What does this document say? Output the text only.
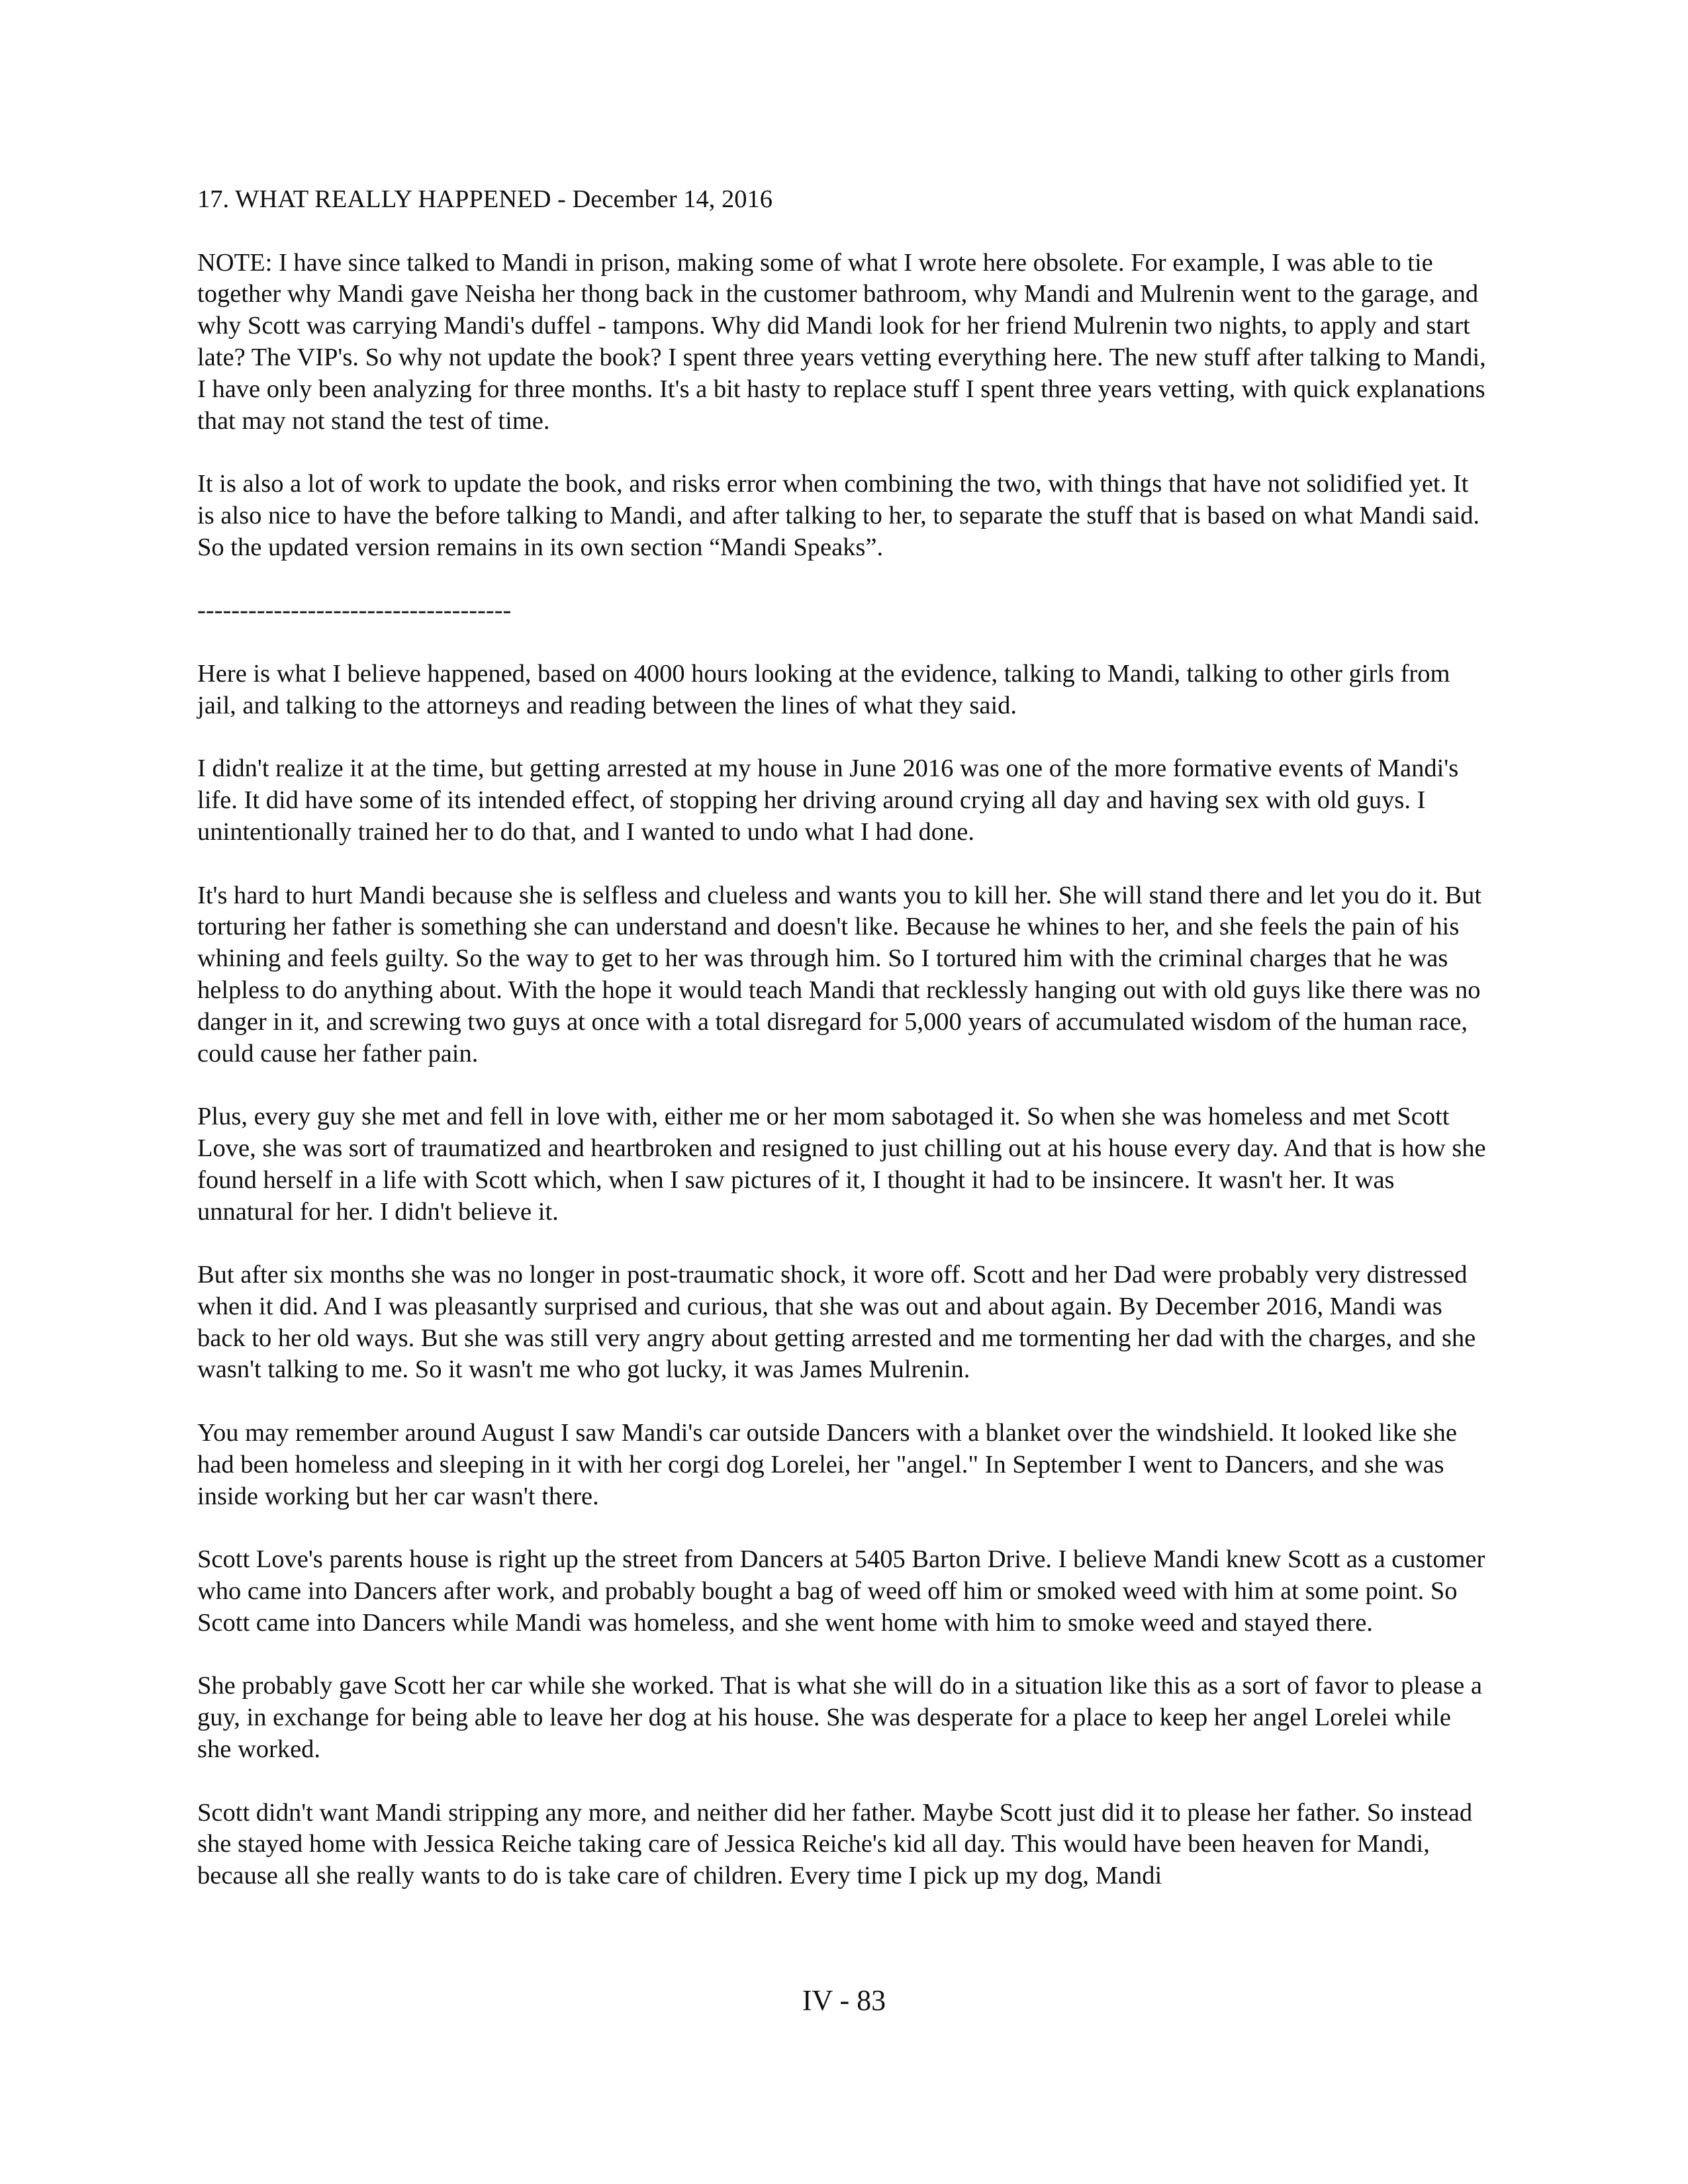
17. WHAT REALLY HAPPENED - December 14, 2016

NOTE: I have since talked to Mandi in prison, making some of what I wrote here obsolete. For example, I was able to tie together why Mandi gave Neisha her thong back in the customer bathroom, why Mandi and Mulrenin went to the garage, and why Scott was carrying Mandi's duffel - tampons. Why did Mandi look for her friend Mulrenin two nights, to apply and start late? The VIP's. So why not update the book? I spent three years vetting everything here. The new stuff after talking to Mandi, I have only been analyzing for three months. It's a bit hasty to replace stuff I spent three years vetting, with quick explanations that may not stand the test of time.

It is also a lot of work to update the book, and risks error when combining the two, with things that have not solidified yet. It is also nice to have the before talking to Mandi, and after talking to her, to separate the stuff that is based on what Mandi said. So the updated version remains in its own section “Mandi Speaks”.

-------------------------------------

Here is what I believe happened, based on 4000 hours looking at the evidence, talking to Mandi, talking to other girls from jail, and talking to the attorneys and reading between the lines of what they said.

I didn't realize it at the time, but getting arrested at my house in June 2016 was one of the more formative events of Mandi's life. It did have some of its intended effect, of stopping her driving around crying all day and having sex with old guys. I unintentionally trained her to do that, and I wanted to undo what I had done.

It's hard to hurt Mandi because she is selfless and clueless and wants you to kill her. She will stand there and let you do it. But torturing her father is something she can understand and doesn't like. Because he whines to her, and she feels the pain of his whining and feels guilty. So the way to get to her was through him. So I tortured him with the criminal charges that he was helpless to do anything about. With the hope it would teach Mandi that recklessly hanging out with old guys like there was no danger in it, and screwing two guys at once with a total disregard for 5,000 years of accumulated wisdom of the human race, could cause her father pain.

Plus, every guy she met and fell in love with, either me or her mom sabotaged it. So when she was homeless and met Scott Love, she was sort of traumatized and heartbroken and resigned to just chilling out at his house every day. And that is how she found herself in a life with Scott which, when I saw pictures of it, I thought it had to be insincere. It wasn't her. It was unnatural for her. I didn't believe it.

But after six months she was no longer in post-traumatic shock, it wore off. Scott and her Dad were probably very distressed when it did. And I was pleasantly surprised and curious, that she was out and about again. By December 2016, Mandi was back to her old ways. But she was still very angry about getting arrested and me tormenting her dad with the charges, and she wasn't talking to me. So it wasn't me who got lucky, it was James Mulrenin.

You may remember around August I saw Mandi's car outside Dancers with a blanket over the windshield. It looked like she had been homeless and sleeping in it with her corgi dog Lorelei, her "angel." In September I went to Dancers, and she was inside working but her car wasn't there.

Scott Love's parents house is right up the street from Dancers at 5405 Barton Drive. I believe Mandi knew Scott as a customer who came into Dancers after work, and probably bought a bag of weed off him or smoked weed with him at some point. So Scott came into Dancers while Mandi was homeless, and she went home with him to smoke weed and stayed there.

She probably gave Scott her car while she worked. That is what she will do in a situation like this as a sort of favor to please a guy, in exchange for being able to leave her dog at his house. She was desperate for a place to keep her angel Lorelei while she worked.

Scott didn't want Mandi stripping any more, and neither did her father. Maybe Scott just did it to please her father. So instead she stayed home with Jessica Reiche taking care of Jessica Reiche's kid all day. This would have been heaven for Mandi, because all she really wants to do is take care of children. Every time I pick up my dog, Mandi

IV - 83
